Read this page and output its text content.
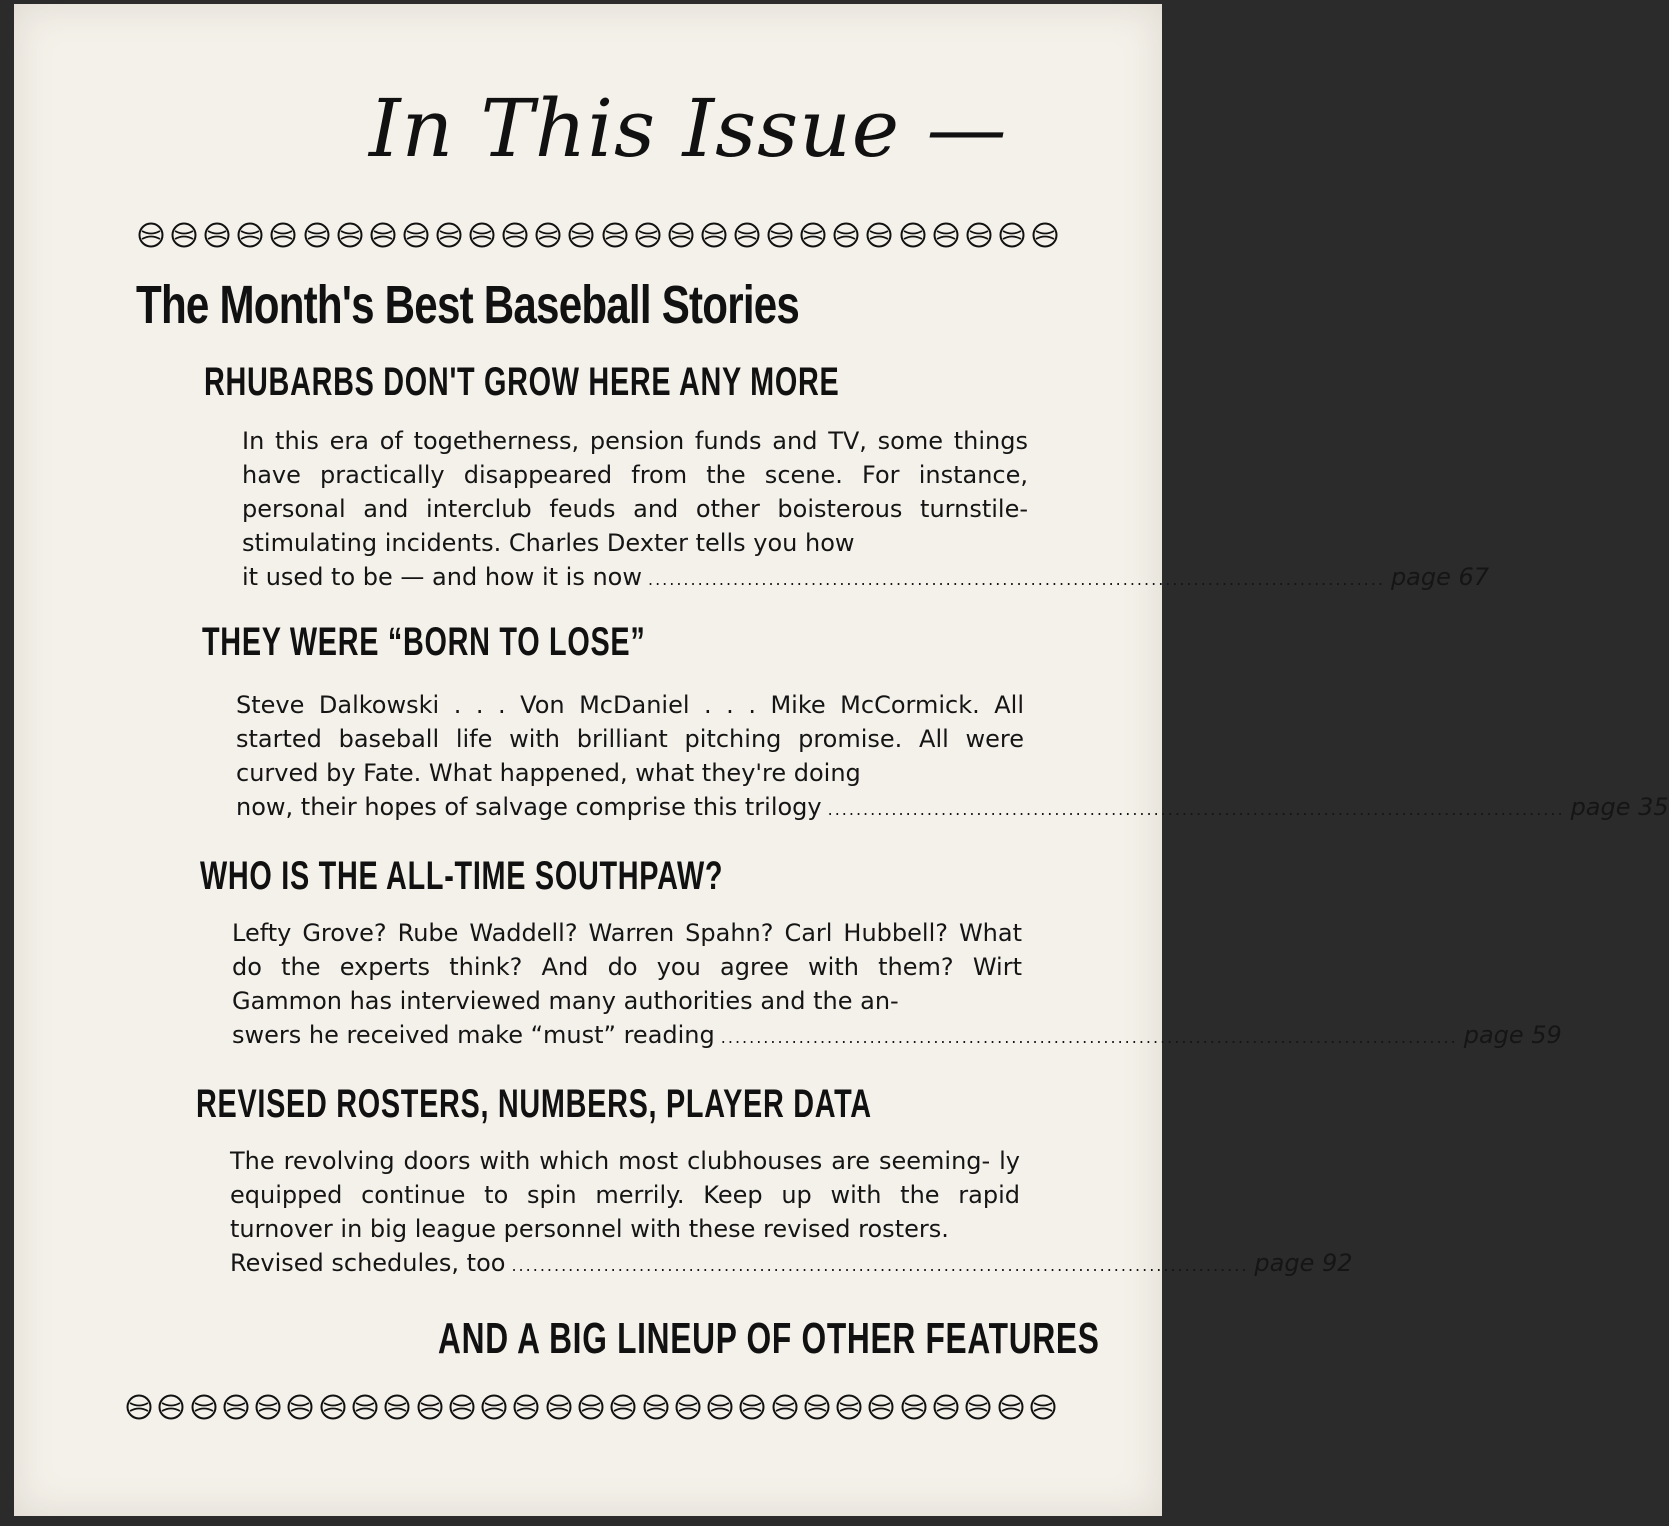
In This Issue —
The Month's Best Baseball Stories
RHUBARBS DON'T GROW HERE ANY MORE
In this era of togetherness, pension funds and TV, some things have practically disappeared from the scene. For instance, personal and interclub feuds and other boisterous turnstile-stimulating incidents. Charles Dexter tells you how
it used to be — and how it is now ........................................................................................................ page 67
THEY WERE “BORN TO LOSE”
Steve Dalkowski . . . Von McDaniel . . . Mike McCormick. All started baseball life with brilliant pitching promise. All were curved by Fate. What happened, what they're doing
now, their hopes of salvage comprise this trilogy ........................................................................................................ page 35
WHO IS THE ALL-TIME SOUTHPAW?
Lefty Grove? Rube Waddell? Warren Spahn? Carl Hubbell? What do the experts think? And do you agree with them? Wirt Gammon has interviewed many authorities and the an-
swers he received make “must” reading ........................................................................................................ page 59
REVISED ROSTERS, NUMBERS, PLAYER DATA
The revolving doors with which most clubhouses are seeming- ly equipped continue to spin merrily. Keep up with the rapid turnover in big league personnel with these revised rosters.
Revised schedules, too ........................................................................................................ page 92
AND A BIG LINEUP OF OTHER FEATURES
